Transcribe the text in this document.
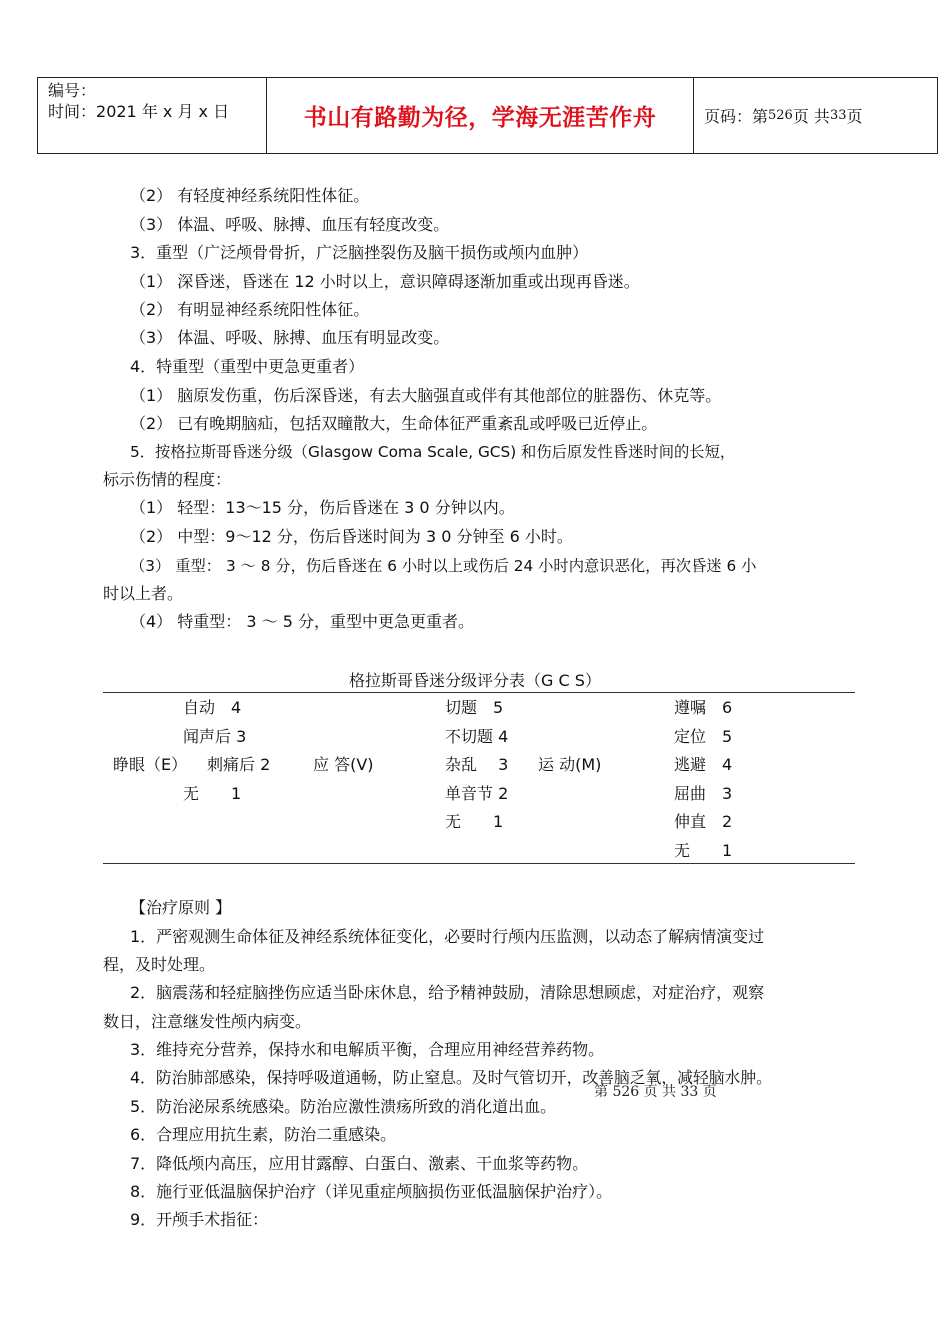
编号：
时间：2021 年 x 月 x 日	书山有路勤为径，学海无涯苦作舟	页码：第 526 页 共 33 页
（2） 有轻度神经系统阳性体征。
（3） 体温、呼吸、脉搏、血压有轻度改变。
3．重型（广泛颅骨骨折，广泛脑挫裂伤及脑干损伤或颅内血肿）
（1） 深昏迷，昏迷在 12 小时以上，意识障碍逐渐加重或出现再昏迷。
（2） 有明显神经系统阳性体征。
（3） 体温、呼吸、脉搏、血压有明显改变。
4．特重型（重型中更急更重者）
（1） 脑原发伤重，伤后深昏迷，有去大脑强直或伴有其他部位的脏器伤、休克等。
（2） 已有晚期脑疝，包括双瞳散大，生命体征严重紊乱或呼吸已近停止。
5．按格拉斯哥昏迷分级（Glasgow Coma Scale, GCS) 和伤后原发性昏迷时间的长短，
标示伤情的程度：
（1） 轻型：13～15 分，伤后昏迷在 3 0 分钟以内。
（2） 中型：9～12 分，伤后昏迷时间为 3 0 分钟至 6 小时。
（3） 重型： 3 ～ 8 分，伤后昏迷在 6 小时以上或伤后 24 小时内意识恶化，再次昏迷 6 小
时以上者。
（4） 特重型： 3 ～ 5 分，重型中更急更重者。
格拉斯哥昏迷分级评分表（G C S）
自动　4
闻声后 3
睁眼（E） 刺痛后 2
无　　1
应 答(V)
切题　5
不切题 4
杂乱　 3
单音节 2
无　　1
运 动(M)
遵嘱　6
定位　5
逃避　4
屈曲　3
伸直　2
无　　1
【治疗原则 】
1．严密观测生命体征及神经系统体征变化，必要时行颅内压监测，以动态了解病情演变过
程，及时处理。
2．脑震荡和轻症脑挫伤应适当卧床休息，给予精神鼓励，清除思想顾虑，对症治疗，观察
数日，注意继发性颅内病变。
3．维持充分营养，保持水和电解质平衡，合理应用神经营养药物。
4．防治肺部感染，保持呼吸道通畅，防止窒息。及时气管切开，改善脑乏氧，减轻脑水肿。
第 526 页 共 33 页
5．防治泌尿系统感染。防治应激性溃疡所致的消化道出血。
6．合理应用抗生素，防治二重感染。
7．降低颅内高压，应用甘露醇、白蛋白、激素、干血浆等药物。
8．施行亚低温脑保护治疗（详见重症颅脑损伤亚低温脑保护治疗）。
9．开颅手术指征：
